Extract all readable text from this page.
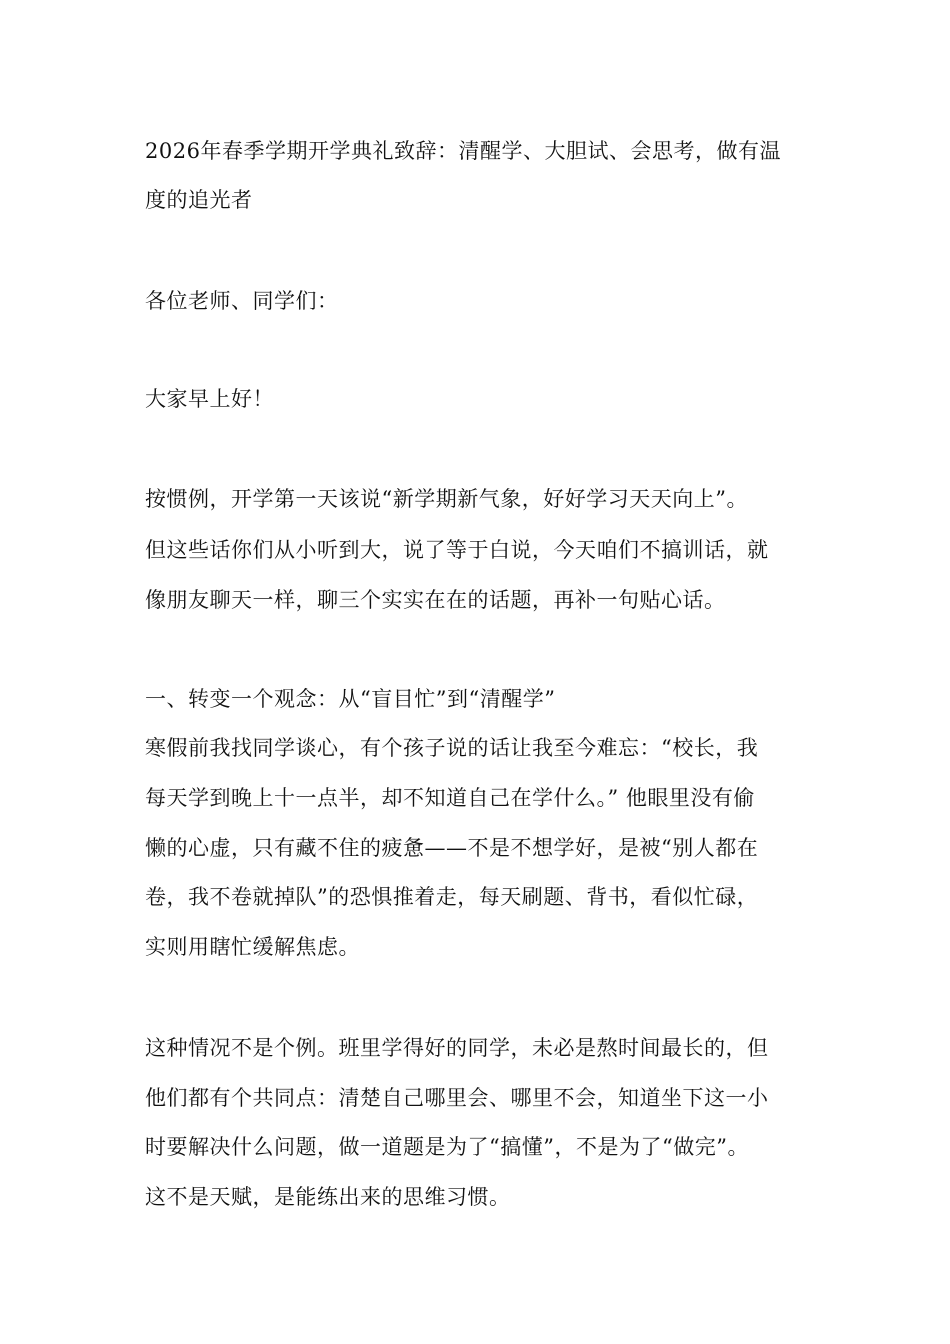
2026年春季学期开学典礼致辞：清醒学、大胆试、会思考，做有温
度的追光者
各位老师、同学们：
大家早上好！
按惯例，开学第一天该说“新学期新气象，好好学习天天向上”。
但这些话你们从小听到大，说了等于白说，今天咱们不搞训话，就
像朋友聊天一样，聊三个实实在在的话题，再补一句贴心话。
一、转变一个观念：从“盲目忙”到“清醒学”
寒假前我找同学谈心，有个孩子说的话让我至今难忘：“校长，我
每天学到晚上十一点半，却不知道自己在学什么。” 他眼里没有偷
懒的心虚，只有藏不住的疲惫——不是不想学好，是被“别人都在
卷，我不卷就掉队”的恐惧推着走，每天刷题、背书，看似忙碌，
实则用瞎忙缓解焦虑。
这种情况不是个例。班里学得好的同学，未必是熬时间最长的，但
他们都有个共同点：清楚自己哪里会、哪里不会，知道坐下这一小
时要解决什么问题，做一道题是为了“搞懂”，不是为了“做完”。
这不是天赋，是能练出来的思维习惯。
